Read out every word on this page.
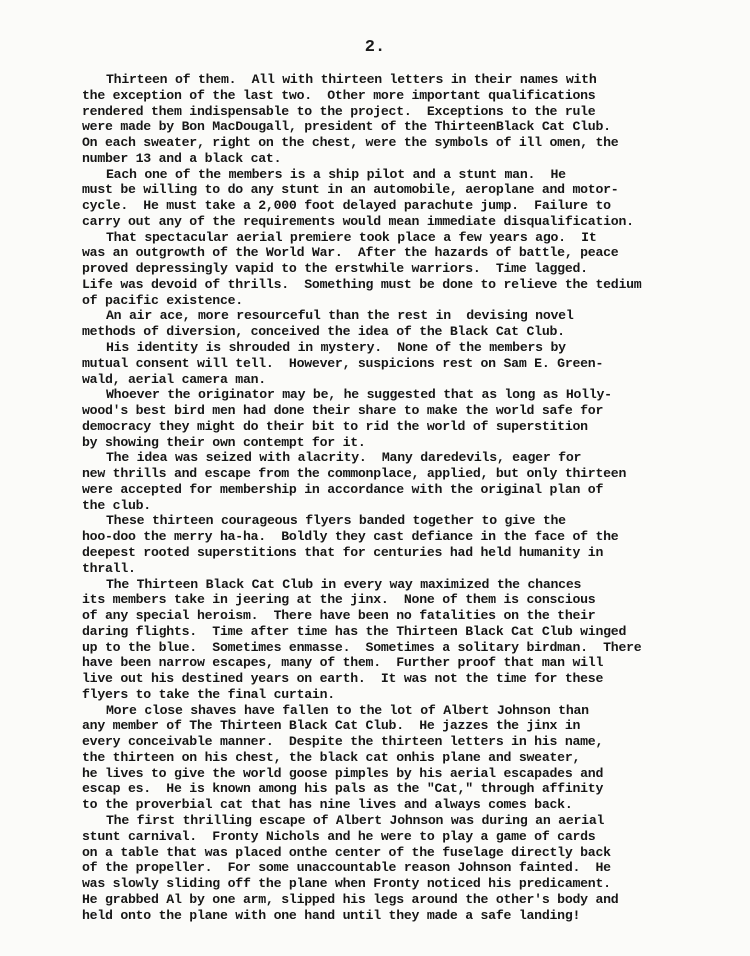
2.
Thirteen of them.  All with thirteen letters in their names with
the exception of the last two.  Other more important qualifications
rendered them indispensable to the project.  Exceptions to the rule
were made by Bon MacDougall, president of the ThirteenBlack Cat Club.
On each sweater, right on the chest, were the symbols of ill omen, the
number 13 and a black cat.
Each one of the members is a ship pilot and a stunt man.  He
must be willing to do any stunt in an automobile, aeroplane and motor-
cycle.  He must take a 2,000 foot delayed parachute jump.  Failure to
carry out any of the requirements would mean immediate disqualification.
That spectacular aerial premiere took place a few years ago.  It
was an outgrowth of the World War.  After the hazards of battle, peace
proved depressingly vapid to the erstwhile warriors.  Time lagged.
Life was devoid of thrills.  Something must be done to relieve the tedium
of pacific existence.
An air ace, more resourceful than the rest in  devising novel
methods of diversion, conceived the idea of the Black Cat Club.
His identity is shrouded in mystery.  None of the members by
mutual consent will tell.  However, suspicions rest on Sam E. Green-
wald, aerial camera man.
Whoever the originator may be, he suggested that as long as Holly-
wood's best bird men had done their share to make the world safe for
democracy they might do their bit to rid the world of superstition
by showing their own contempt for it.
The idea was seized with alacrity.  Many daredevils, eager for
new thrills and escape from the commonplace, applied, but only thirteen
were accepted for membership in accordance with the original plan of
the club.
These thirteen courageous flyers banded together to give the
hoo-doo the merry ha-ha.  Boldly they cast defiance in the face of the
deepest rooted superstitions that for centuries had held humanity in
thrall.
The Thirteen Black Cat Club in every way maximized the chances
its members take in jeering at the jinx.  None of them is conscious
of any special heroism.  There have been no fatalities on the their
daring flights.  Time after time has the Thirteen Black Cat Club winged
up to the blue.  Sometimes enmasse.  Sometimes a solitary birdman.  There
have been narrow escapes, many of them.  Further proof that man will
live out his destined years on earth.  It was not the time for these
flyers to take the final curtain.
More close shaves have fallen to the lot of Albert Johnson than
any member of The Thirteen Black Cat Club.  He jazzes the jinx in
every conceivable manner.  Despite the thirteen letters in his name,
the thirteen on his chest, the black cat onhis plane and sweater,
he lives to give the world goose pimples by his aerial escapades and
escap es.  He is known among his pals as the "Cat," through affinity
to the proverbial cat that has nine lives and always comes back.
The first thrilling escape of Albert Johnson was during an aerial
stunt carnival.  Fronty Nichols and he were to play a game of cards
on a table that was placed onthe center of the fuselage directly back
of the propeller.  For some unaccountable reason Johnson fainted.  He
was slowly sliding off the plane when Fronty noticed his predicament.
He grabbed Al by one arm, slipped his legs around the other's body and
held onto the plane with one hand until they made a safe landing!
